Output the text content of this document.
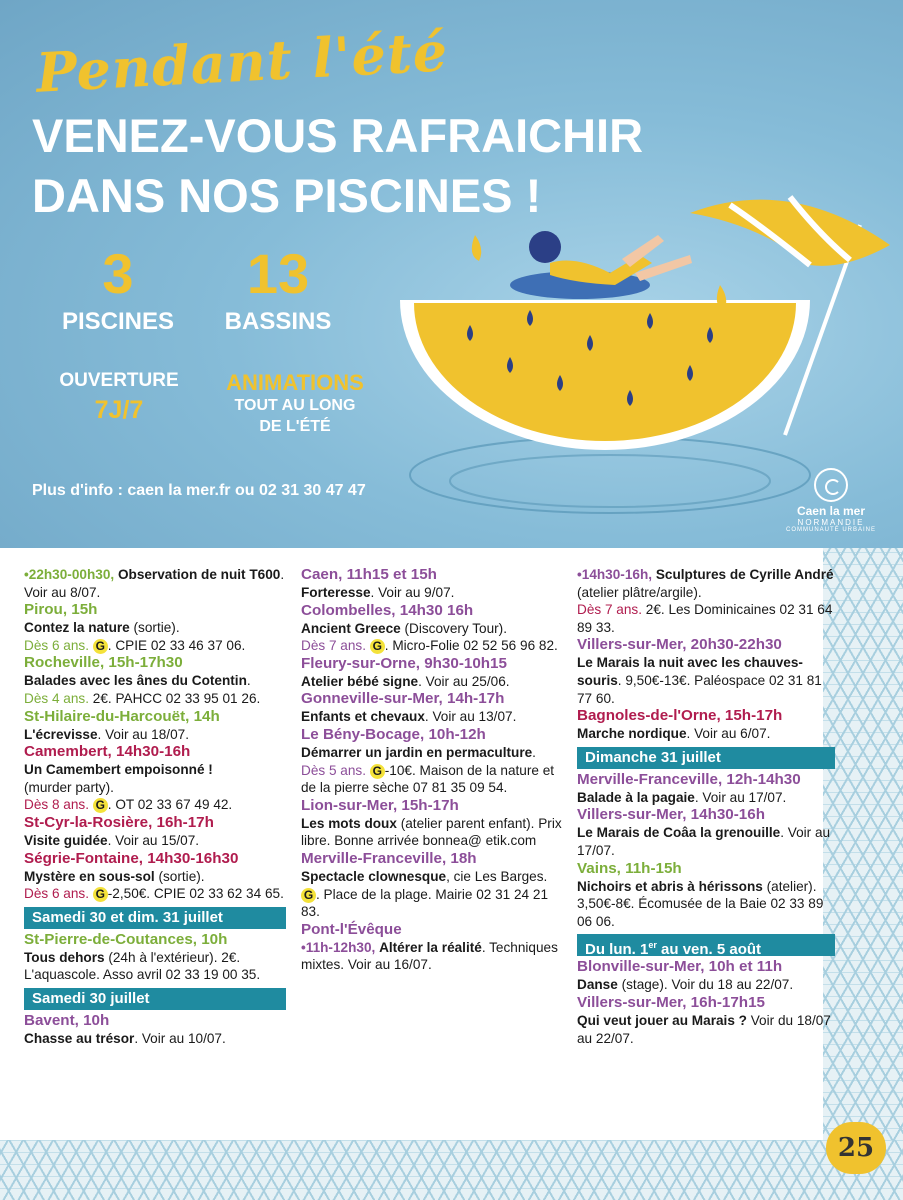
Pendant l'été
VENEZ-VOUS RAFRAICHIR
DANS NOS PISCINES !
3
PISCINES
13
BASSINS
OUVERTURE
7J/7
ANIMATIONS
TOUT AU LONG
DE L'ÉTÉ
Plus d'info : caen la mer.fr ou 02 31 30 47 47
Caen la mer
NORMANDIE
COMMUNAUTÉ URBAINE
25
•22h30-00h30, Observation de nuit T600. Voir au 8/07.
Pirou, 15h
Contez la nature (sortie).
Dès 6 ans. G . CPIE 02 33 46 37 06.
Rocheville, 15h-17h30
Balades avec les ânes du Cotentin.
Dès 4 ans. 2€. PAHCC 02 33 95 01 26.
St-Hilaire-du-Harcouët, 14h
L'écrevisse. Voir au 18/07.
Camembert, 14h30-16h
Un Camembert empoisonné !
(murder party).
Dès 8 ans. G . OT 02 33 67 49 42.
St-Cyr-la-Rosière, 16h-17h
Visite guidée. Voir au 15/07.
Ségrie-Fontaine, 14h30-16h30
Mystère en sous-sol (sortie).
Dès 6 ans. G -2,50€. CPIE 02 33 62 34 65.
Samedi 30 et dim. 31 juillet
St-Pierre-de-Coutances, 10h
Tous dehors (24h à l'extérieur). 2€. L'aquascole. Asso avril 02 33 19 00 35.
Samedi 30 juillet
Bavent, 10h
Chasse au trésor. Voir au 10/07.
Caen, 11h15 et 15h
Forteresse. Voir au 9/07.
Colombelles, 14h30 16h
Ancient Greece (Discovery Tour).
Dès 7 ans. G . Micro-Folie 02 52 56 96 82.
Fleury-sur-Orne, 9h30-10h15
Atelier bébé signe. Voir au 25/06.
Gonneville-sur-Mer, 14h-17h
Enfants et chevaux. Voir au 13/07.
Le Bény-Bocage, 10h-12h
Démarrer un jardin en permaculture.
Dès 5 ans. G -10€. Maison de la nature et de la pierre sèche 07 81 35 09 54.
Lion-sur-Mer, 15h-17h
Les mots doux (atelier parent enfant). Prix libre. Bonne arrivée bonnea@ etik.com
Merville-Franceville, 18h
Spectacle clownesque, cie Les Barges.
G . Place de la plage. Mairie 02 31 24 21 83.
Pont-l'Évêque
•11h-12h30, Altérer la réalité. Techniques mixtes. Voir au 16/07.
•14h30-16h, Sculptures de Cyrille André (atelier plâtre/argile).
Dès 7 ans. 2€. Les Dominicaines 02 31 64 89 33.
Villers-sur-Mer, 20h30-22h30
Le Marais la nuit avec les chauves-souris. 9,50€-13€. Paléospace 02 31 81 77 60.
Bagnoles-de-l'Orne, 15h-17h
Marche nordique. Voir au 6/07.
Dimanche 31 juillet
Merville-Franceville, 12h-14h30
Balade à la pagaie. Voir au 17/07.
Villers-sur-Mer, 14h30-16h
Le Marais de Coâa la grenouille. Voir au 17/07.
Vains, 11h-15h
Nichoirs et abris à hérissons (atelier). 3,50€-8€. Écomusée de la Baie 02 33 89 06 06.
Du lun. 1er au ven. 5 août
Blonville-sur-Mer, 10h et 11h
Danse (stage). Voir du 18 au 22/07.
Villers-sur-Mer, 16h-17h15
Qui veut jouer au Marais ? Voir du 18/07 au 22/07.
